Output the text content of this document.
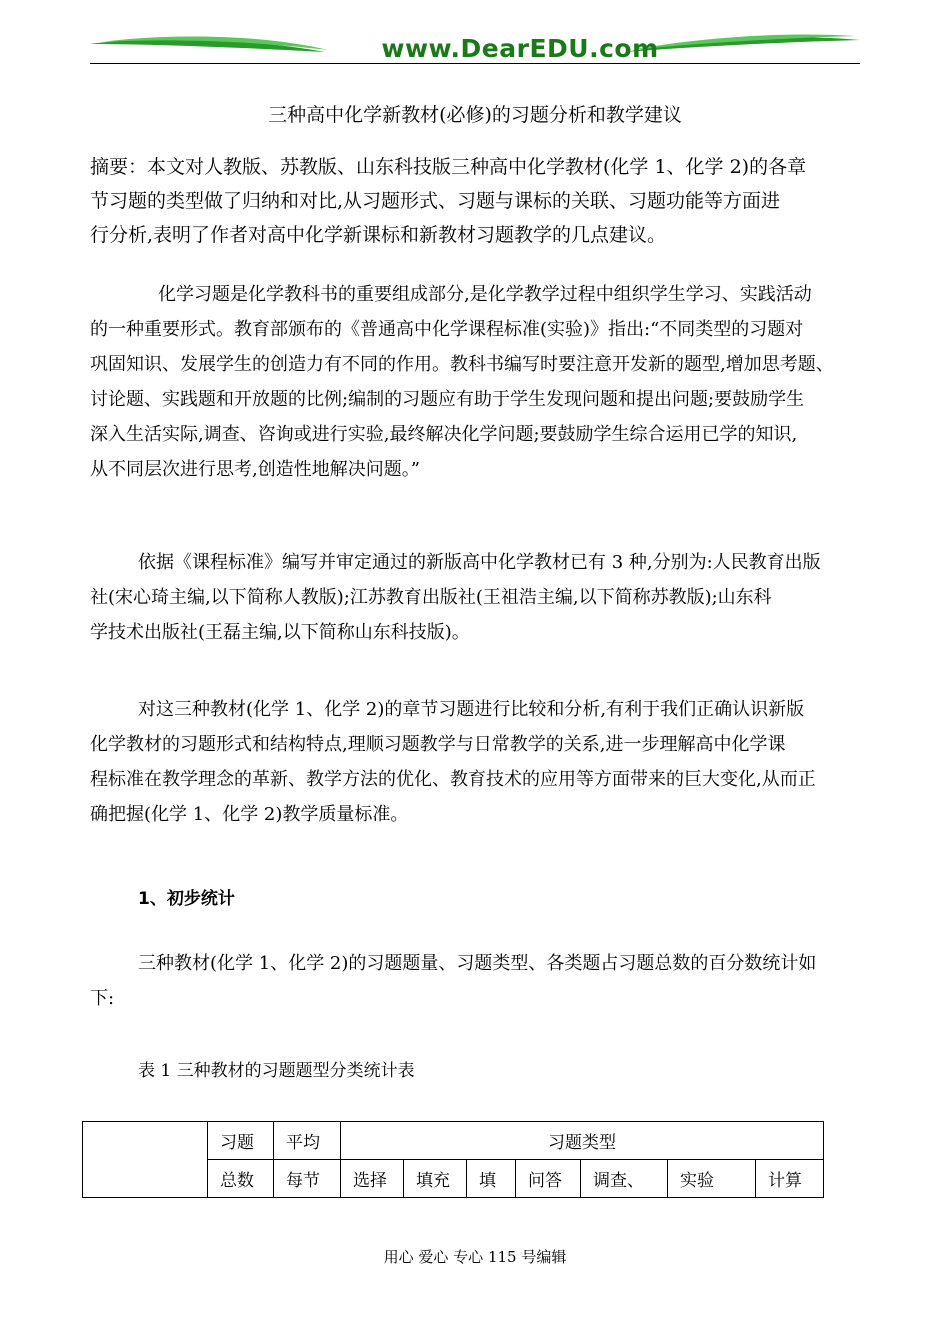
www.DearEDU.com
三种高中化学新教材(必修)的习题分析和教学建议
摘要：本文对人教版、苏教版、山东科技版三种高中化学教材(化学 1、化学 2)的各章
节习题的类型做了归纳和对比,从习题形式、习题与课标的关联、习题功能等方面进
行分析,表明了作者对高中化学新课标和新教材习题教学的几点建议。
化学习题是化学教科书的重要组成部分,是化学教学过程中组织学生学习、实践活动
的一种重要形式。教育部颁布的《普通高中化学课程标准(实验)》指出:“不同类型的习题对
巩固知识、发展学生的创造力有不同的作用。教科书编写时要注意开发新的题型,增加思考题、
讨论题、实践题和开放题的比例;编制的习题应有助于学生发现问题和提出问题;要鼓励学生
深入生活实际,调查、咨询或进行实验,最终解决化学问题;要鼓励学生综合运用已学的知识,
从不同层次进行思考,创造性地解决问题。”
依据《课程标准》编写并审定通过的新版高中化学教材已有 3 种,分别为:人民教育出版
社(宋心琦主编,以下简称人教版);江苏教育出版社(王祖浩主编,以下简称苏教版);山东科
学技术出版社(王磊主编,以下简称山东科技版)。
对这三种教材(化学 1、化学 2)的章节习题进行比较和分析,有利于我们正确认识新版
化学教材的习题形式和结构特点,理顺习题教学与日常教学的关系,进一步理解高中化学课
程标准在教学理念的革新、教学方法的优化、教育技术的应用等方面带来的巨大变化,从而正
确把握(化学 1、化学 2)教学质量标准。
1、初步统计
三种教材(化学 1、化学 2)的习题题量、习题类型、各类题占习题总数的百分数统计如
下:
表 1 三种教材的习题题型分类统计表
	习题	平均	习题类型						
	总数	每节	选择	填充	填	问答	调查、	实验	计算
用心 爱心 专心 115 号编辑
